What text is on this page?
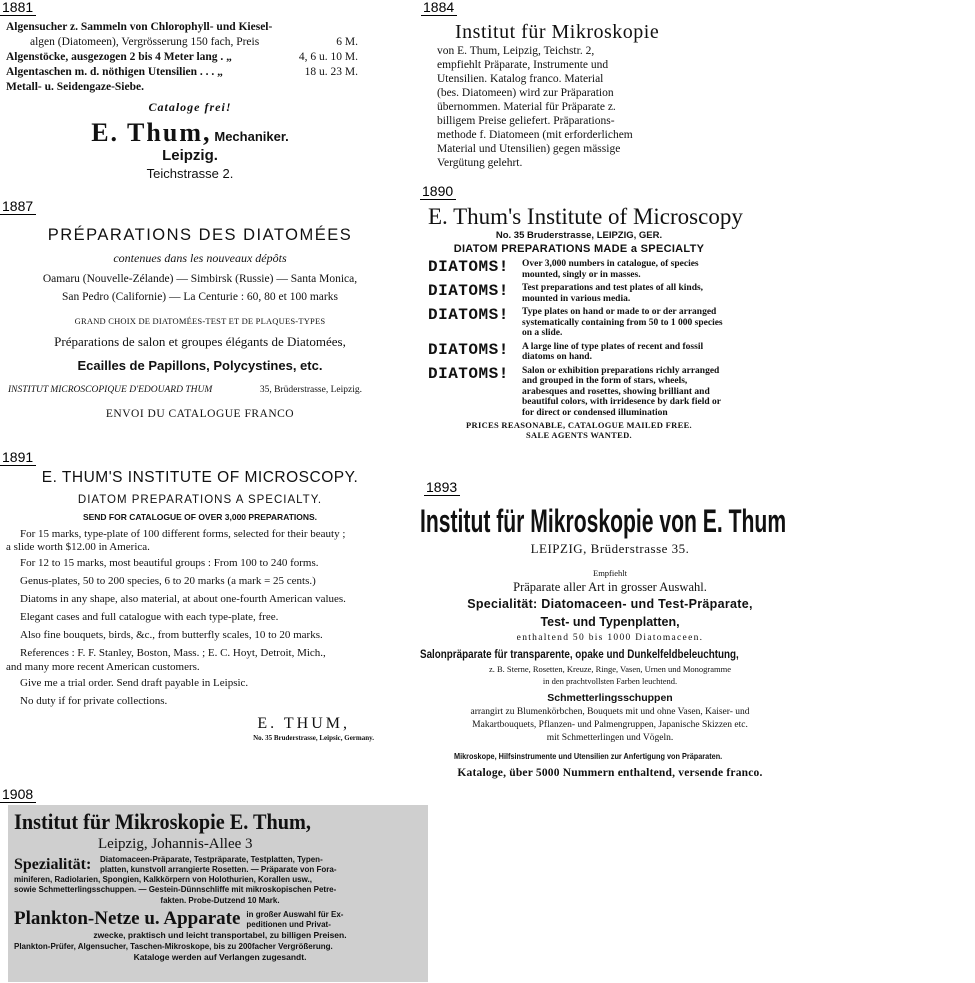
1881
Algensucher z. Sammeln von Chlorophyll- und Kiesel-
algen (Diatomeen), Vergrösserung 150 fach, Preis	6 M.
Algenstöcke, ausgezogen 2 bis 4 Meter lang . „	4, 6 u. 10 M.
Algentaschen m. d. nöthigen Utensilien . . . „	18 u. 23 M.
Metall- u. Seidengaze-Siebe.
Cataloge frei!
E. Thum, Mechaniker.
Leipzig.
Teichstrasse 2.
1884
Institut für Mikroskopie
von E. Thum, Leipzig, Teichstr. 2,
empfiehlt Präparate, Instrumente und
Utensilien. Katalog franco. Material
(bes. Diatomeen) wird zur Präparation
übernommen. Material für Präparate z.
billigem Preise geliefert. Präparations-
methode f. Diatomeen (mit erforderlichem
Material und Utensilien) gegen mässige
Vergütung gelehrt.
1887
PRÉPARATIONS DES DIATOMÉES
contenues dans les nouveaux dépôts
Oamaru (Nouvelle-Zélande) — Simbirsk (Russie) — Santa Monica,
San Pedro (Californie) — La Centurie : 60, 80 et 100 marks
GRAND CHOIX DE DIATOMÉES-TEST ET DE PLAQUES-TYPES
Préparations de salon et groupes élégants de Diatomées,
Ecailles de Papillons, Polycystines, etc.
INSTITUT MICROSCOPIQUE D'EDOUARD THUM	35, Brüderstrasse, Leipzig.
ENVOI DU CATALOGUE FRANCO
1890
E. Thum's Institute of Microscopy
No. 35 Bruderstrasse, LEIPZIG, GER.
DIATOM PREPARATIONS MADE a SPECIALTY
DIATOMS!	Over 3,000 numbers in catalogue, of species mounted, singly or in masses.
DIATOMS!	Test preparations and test plates of all kinds, mounted in various media.
DIATOMS!	Type plates on hand or made to or der arranged systematically containing from 50 to 1 000 species on a slide.
DIATOMS!	A large line of type plates of recent and fossil diatoms on hand.
DIATOMS!	Salon or exhibition preparations richly arranged and grouped in the form of stars, wheels, arabesques and rosettes, showing brilliant and beautiful colors, with irridesence by dark field or for direct or condensed illumination
PRICES REASONABLE, CATALOGUE MAILED FREE.
SALE AGENTS WANTED.
1891
E. THUM'S INSTITUTE OF MICROSCOPY.
DIATOM PREPARATIONS A SPECIALTY.
SEND FOR CATALOGUE OF OVER 3,000 PREPARATIONS.
For 15 marks, type-plate of 100 different forms, selected for their beauty ;
a slide worth $12.00 in America.
For 12 to 15 marks, most beautiful groups : From 100 to 240 forms.
Genus-plates, 50 to 200 species, 6 to 20 marks (a mark = 25 cents.)
Diatoms in any shape, also material, at about one-fourth American values.
Elegant cases and full catalogue with each type-plate, free.
Also fine bouquets, birds, &c., from butterfly scales, 10 to 20 marks.
References : F. F. Stanley, Boston, Mass. ; E. C. Hoyt, Detroit, Mich.,
and many more recent American customers.
Give me a trial order. Send draft payable in Leipsic.
No duty if for private collections.
E. THUM,
No. 35 Bruderstrasse, Leipsic, Germany.
1893
Institut für Mikroskopie von E. Thum
LEIPZIG, Brüderstrasse 35.
Empfiehlt
Präparate aller Art in grosser Auswahl.
Specialität: Diatomaceen- und Test-Präparate,
Test- und Typenplatten,
enthaltend 50 bis 1000 Diatomaceen.
Salonpräparate für transparente, opake und Dunkelfeldbeleuchtung,
z. B. Sterne, Rosetten, Kreuze, Ringe, Vasen, Urnen und Monogramme
in den prachtvollsten Farben leuchtend.
Schmetterlingsschuppen
arrangirt zu Blumenkörbchen, Bouquets mit und ohne Vasen, Kaiser- und
Makartbouquets, Pflanzen- und Palmengruppen, Japanische Skizzen etc.
mit Schmetterlingen und Vögeln.
Mikroskope, Hilfsinstrumente und Utensilien zur Anfertigung von Präparaten.
Kataloge, über 5000 Nummern enthaltend, versende franco.
1908
Institut für Mikroskopie E. Thum,
Leipzig, Johannis-Allee 3
Spezialität:	Diatomaceen-Präparate, Testpräparate, Testplatten, Typen-
platten, kunstvoll arrangierte Rosetten. — Präparate von Fora-
miniferen, Radiolarien, Spongien, Kalkkörpern von Holothurien, Korallen usw.,
sowie Schmetterlingsschuppen. — Gestein-Dünnschliffe mit mikroskopischen Petre-
fakten. Probe-Dutzend 10 Mark.
Plankton-Netze u. Apparate in großer Auswahl für Ex-
peditionen und Privat-
zwecke, praktisch und leicht transportabel, zu billigen Preisen.
Plankton-Prüfer, Algensucher, Taschen-Mikroskope, bis zu 200facher Vergrößerung.
Kataloge werden auf Verlangen zugesandt.
